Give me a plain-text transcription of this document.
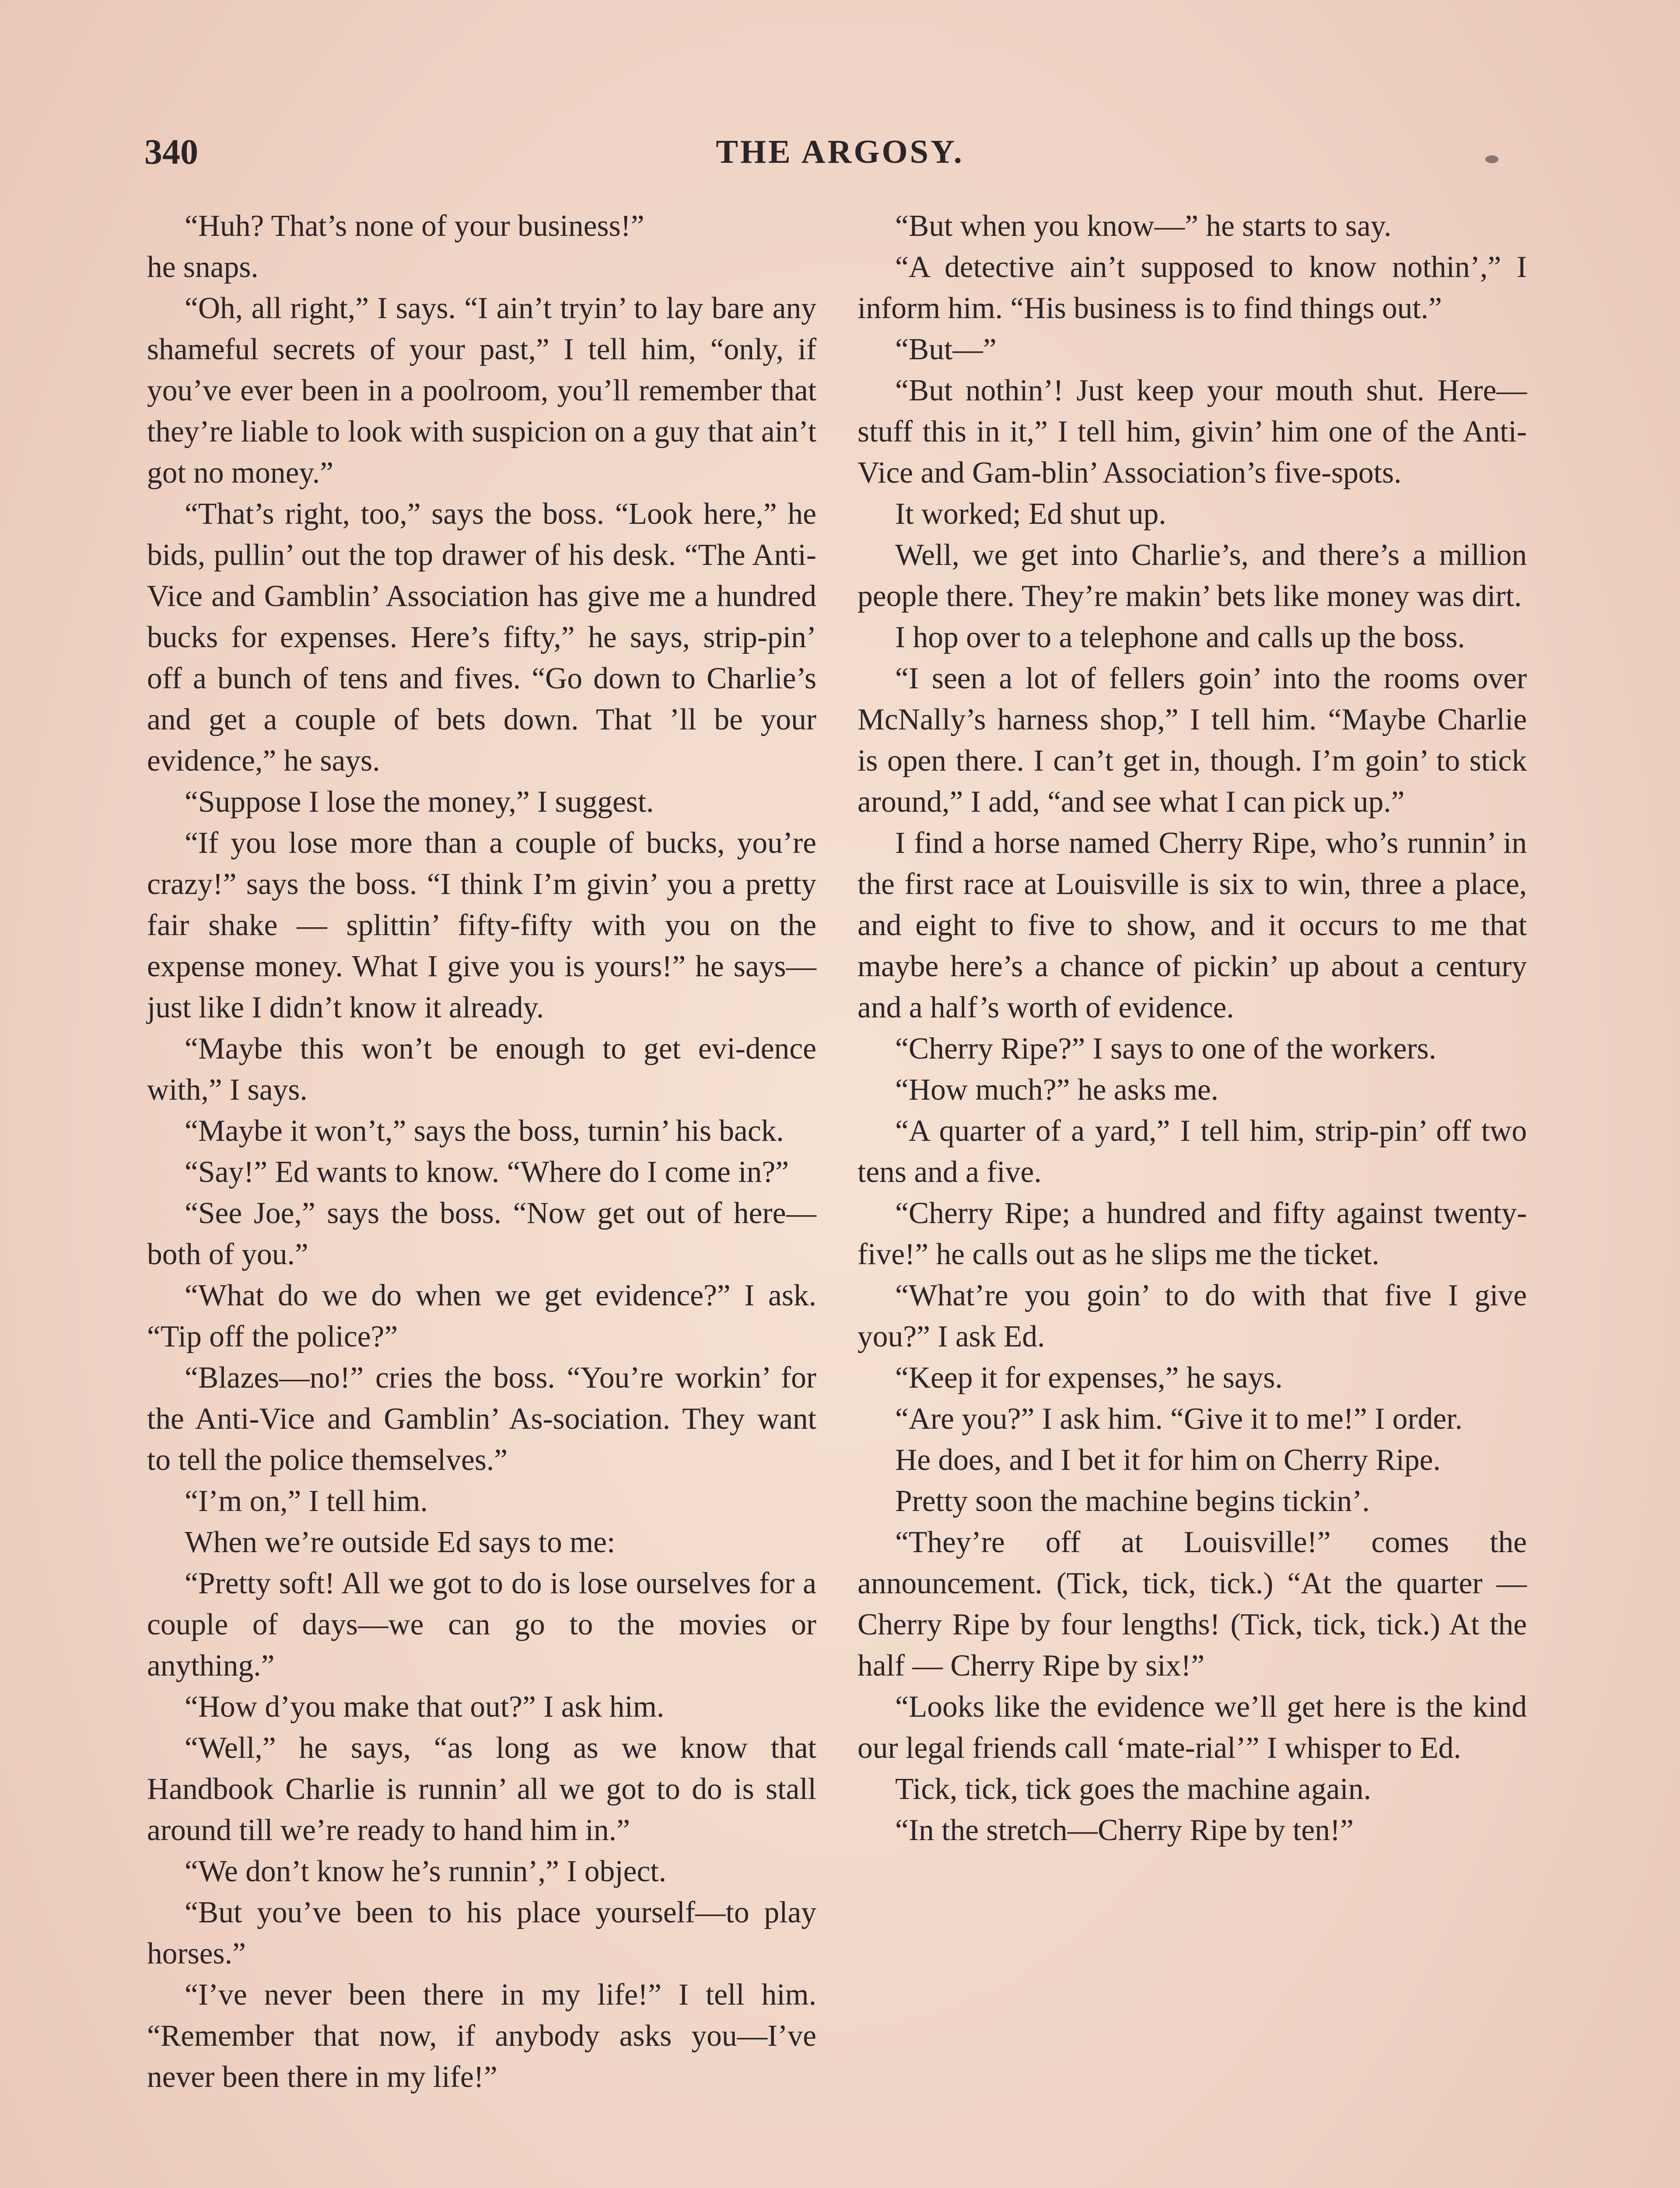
340	THE ARGOSY.

“Huh? That’s none of your business!”

he snaps.

“Oh, all right,” I says. “I ain’t tryin’ to lay bare any shameful secrets of your past,” I tell him, “only, if you’ve ever been in a poolroom, you’ll remember that they’re liable to look with suspicion on a guy that ain’t got no money.”

“That’s right, too,” says the boss. “Look here,” he bids, pullin’ out the top drawer of his desk. “The Anti-Vice and Gamblin’ Association has give me a hundred bucks for expenses. Here’s fifty,” he says, strip-pin’ off a bunch of tens and fives. “Go down to Charlie’s and get a couple of bets down. That ’ll be your evidence,” he says.

“Suppose I lose the money,” I suggest.

“If you lose more than a couple of bucks, you’re crazy!” says the boss. “I think I’m givin’ you a pretty fair shake — splittin’ fifty-fifty with you on the expense money. What I give you is yours!” he says—just like I didn’t know it already.

“Maybe this won’t be enough to get evi-dence with,” I says.

“Maybe it won’t,” says the boss, turnin’ his back.

“Say!” Ed wants to know. “Where do I come in?”

“See Joe,” says the boss. “Now get out of here—both of you.”

“What do we do when we get evidence?” I ask. “Tip off the police?”

“Blazes—no!” cries the boss. “You’re workin’ for the Anti-Vice and Gamblin’ As-sociation. They want to tell the police themselves.”

“I’m on,” I tell him.

When we’re outside Ed says to me:

“Pretty soft! All we got to do is lose ourselves for a couple of days—we can go to the movies or anything.”

“How d’you make that out?” I ask him.

“Well,” he says, “as long as we know that Handbook Charlie is runnin’ all we got to do is stall around till we’re ready to hand him in.”

“We don’t know he’s runnin’,” I object.

“But you’ve been to his place yourself—to play horses.”

“I’ve never been there in my life!” I tell him. “Remember that now, if anybody asks you—I’ve never been there in my life!”

“But when you know—” he starts to say.

“A detective ain’t supposed to know nothin’,” I inform him. “His business is to find things out.”

“But—”

“But nothin’! Just keep your mouth shut. Here—stuff this in it,” I tell him, givin’ him one of the Anti-Vice and Gam-blin’ Association’s five-spots.

It worked; Ed shut up.

Well, we get into Charlie’s, and there’s a million people there. They’re makin’ bets like money was dirt.

I hop over to a telephone and calls up the boss.

“I seen a lot of fellers goin’ into the rooms over McNally’s harness shop,” I tell him. “Maybe Charlie is open there. I can’t get in, though. I’m goin’ to stick around,” I add, “and see what I can pick up.”

I find a horse named Cherry Ripe, who’s runnin’ in the first race at Louisville is six to win, three a place, and eight to five to show, and it occurs to me that maybe here’s a chance of pickin’ up about a century and a half’s worth of evidence.

“Cherry Ripe?” I says to one of the workers.

“How much?” he asks me.

“A quarter of a yard,” I tell him, strip-pin’ off two tens and a five.

“Cherry Ripe; a hundred and fifty against twenty-five!” he calls out as he slips me the ticket.

“What’re you goin’ to do with that five I give you?” I ask Ed.

“Keep it for expenses,” he says.

“Are you?” I ask him. “Give it to me!” I order.

He does, and I bet it for him on Cherry Ripe.

Pretty soon the machine begins tickin’.

“They’re off at Louisville!” comes the announcement. (Tick, tick, tick.) “At the quarter — Cherry Ripe by four lengths! (Tick, tick, tick.) At the half — Cherry Ripe by six!”

“Looks like the evidence we’ll get here is the kind our legal friends call ‘mate-rial’” I whisper to Ed.

Tick, tick, tick goes the machine again.

“In the stretch—Cherry Ripe by ten!”
